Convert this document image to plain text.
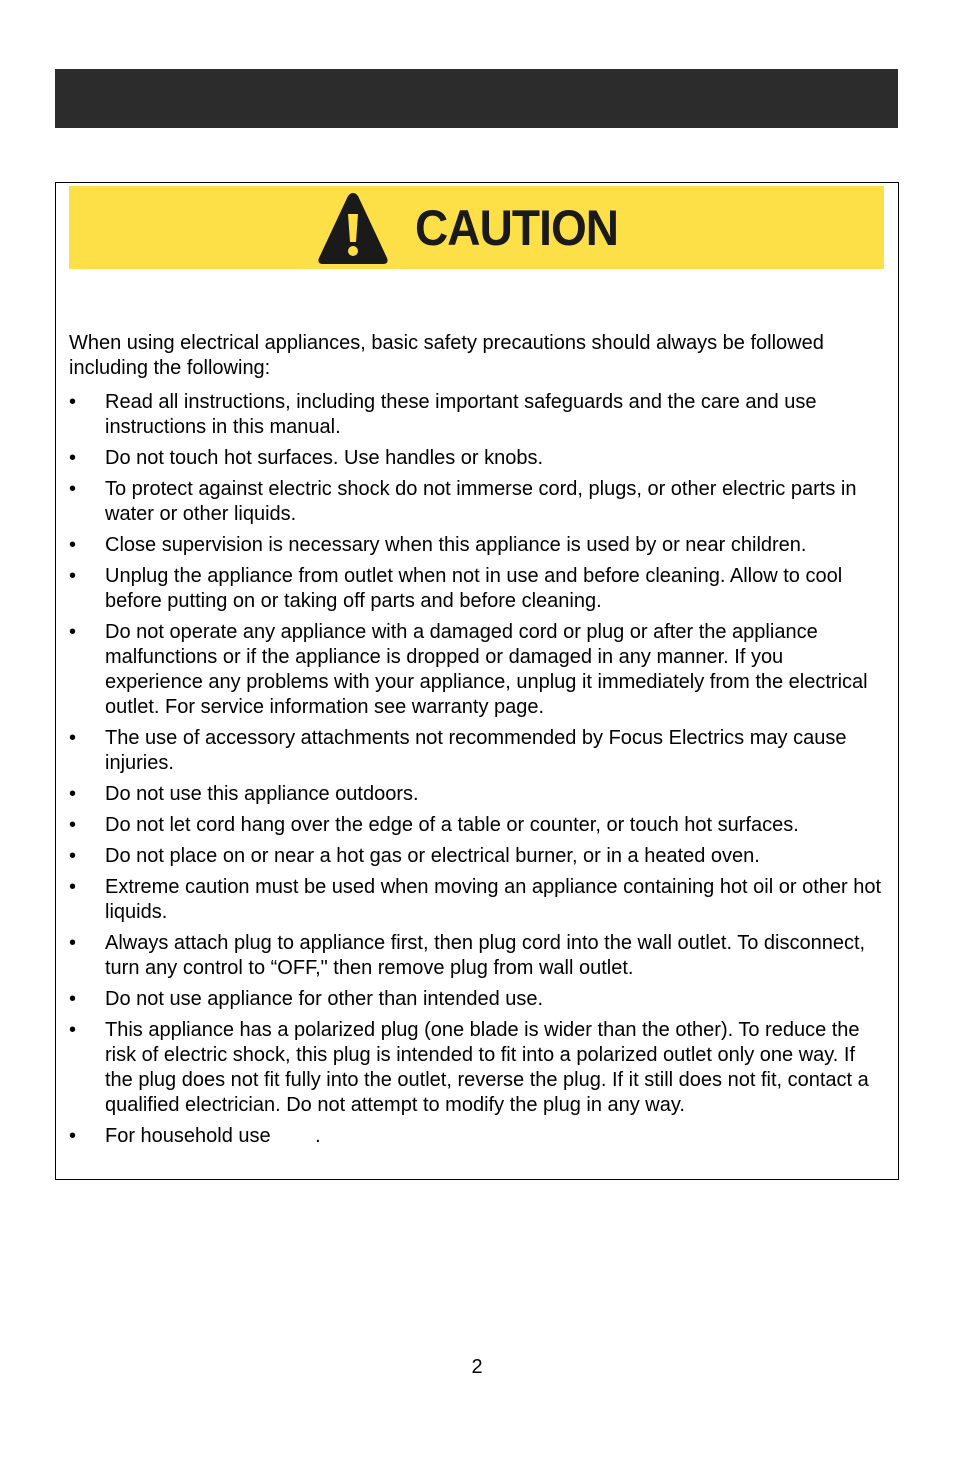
CAUTION

When using electrical appliances, basic safety precautions should always be followed including the following:

• Read all instructions, including these important safeguards and the care and use instructions in this manual.
• Do not touch hot surfaces. Use handles or knobs.
• To protect against electric shock do not immerse cord, plugs, or other electric parts in water or other liquids.
• Close supervision is necessary when this appliance is used by or near children.
• Unplug the appliance from outlet when not in use and before cleaning. Allow to cool before putting on or taking off parts and before cleaning.
• Do not operate any appliance with a damaged cord or plug or after the appliance malfunctions or if the appliance is dropped or damaged in any manner. If you experience any problems with your appliance, unplug it immediately from the electrical outlet. For service information see warranty page.
• The use of accessory attachments not recommended by Focus Electrics may cause injuries.
• Do not use this appliance outdoors.
• Do not let cord hang over the edge of a table or counter, or touch hot surfaces.
• Do not place on or near a hot gas or electrical burner, or in a heated oven.
• Extreme caution must be used when moving an appliance containing hot oil or other hot liquids.
• Always attach plug to appliance first, then plug cord into the wall outlet. To disconnect, turn any control to “OFF," then remove plug from wall outlet.
• Do not use appliance for other than intended use.
• This appliance has a polarized plug (one blade is wider than the other). To reduce the risk of electric shock, this plug is intended to fit into a polarized outlet only one way. If the plug does not fit fully into the outlet, reverse the plug. If it still does not fit, contact a qualified electrician. Do not attempt to modify the plug in any way.
• For household use        .
2
